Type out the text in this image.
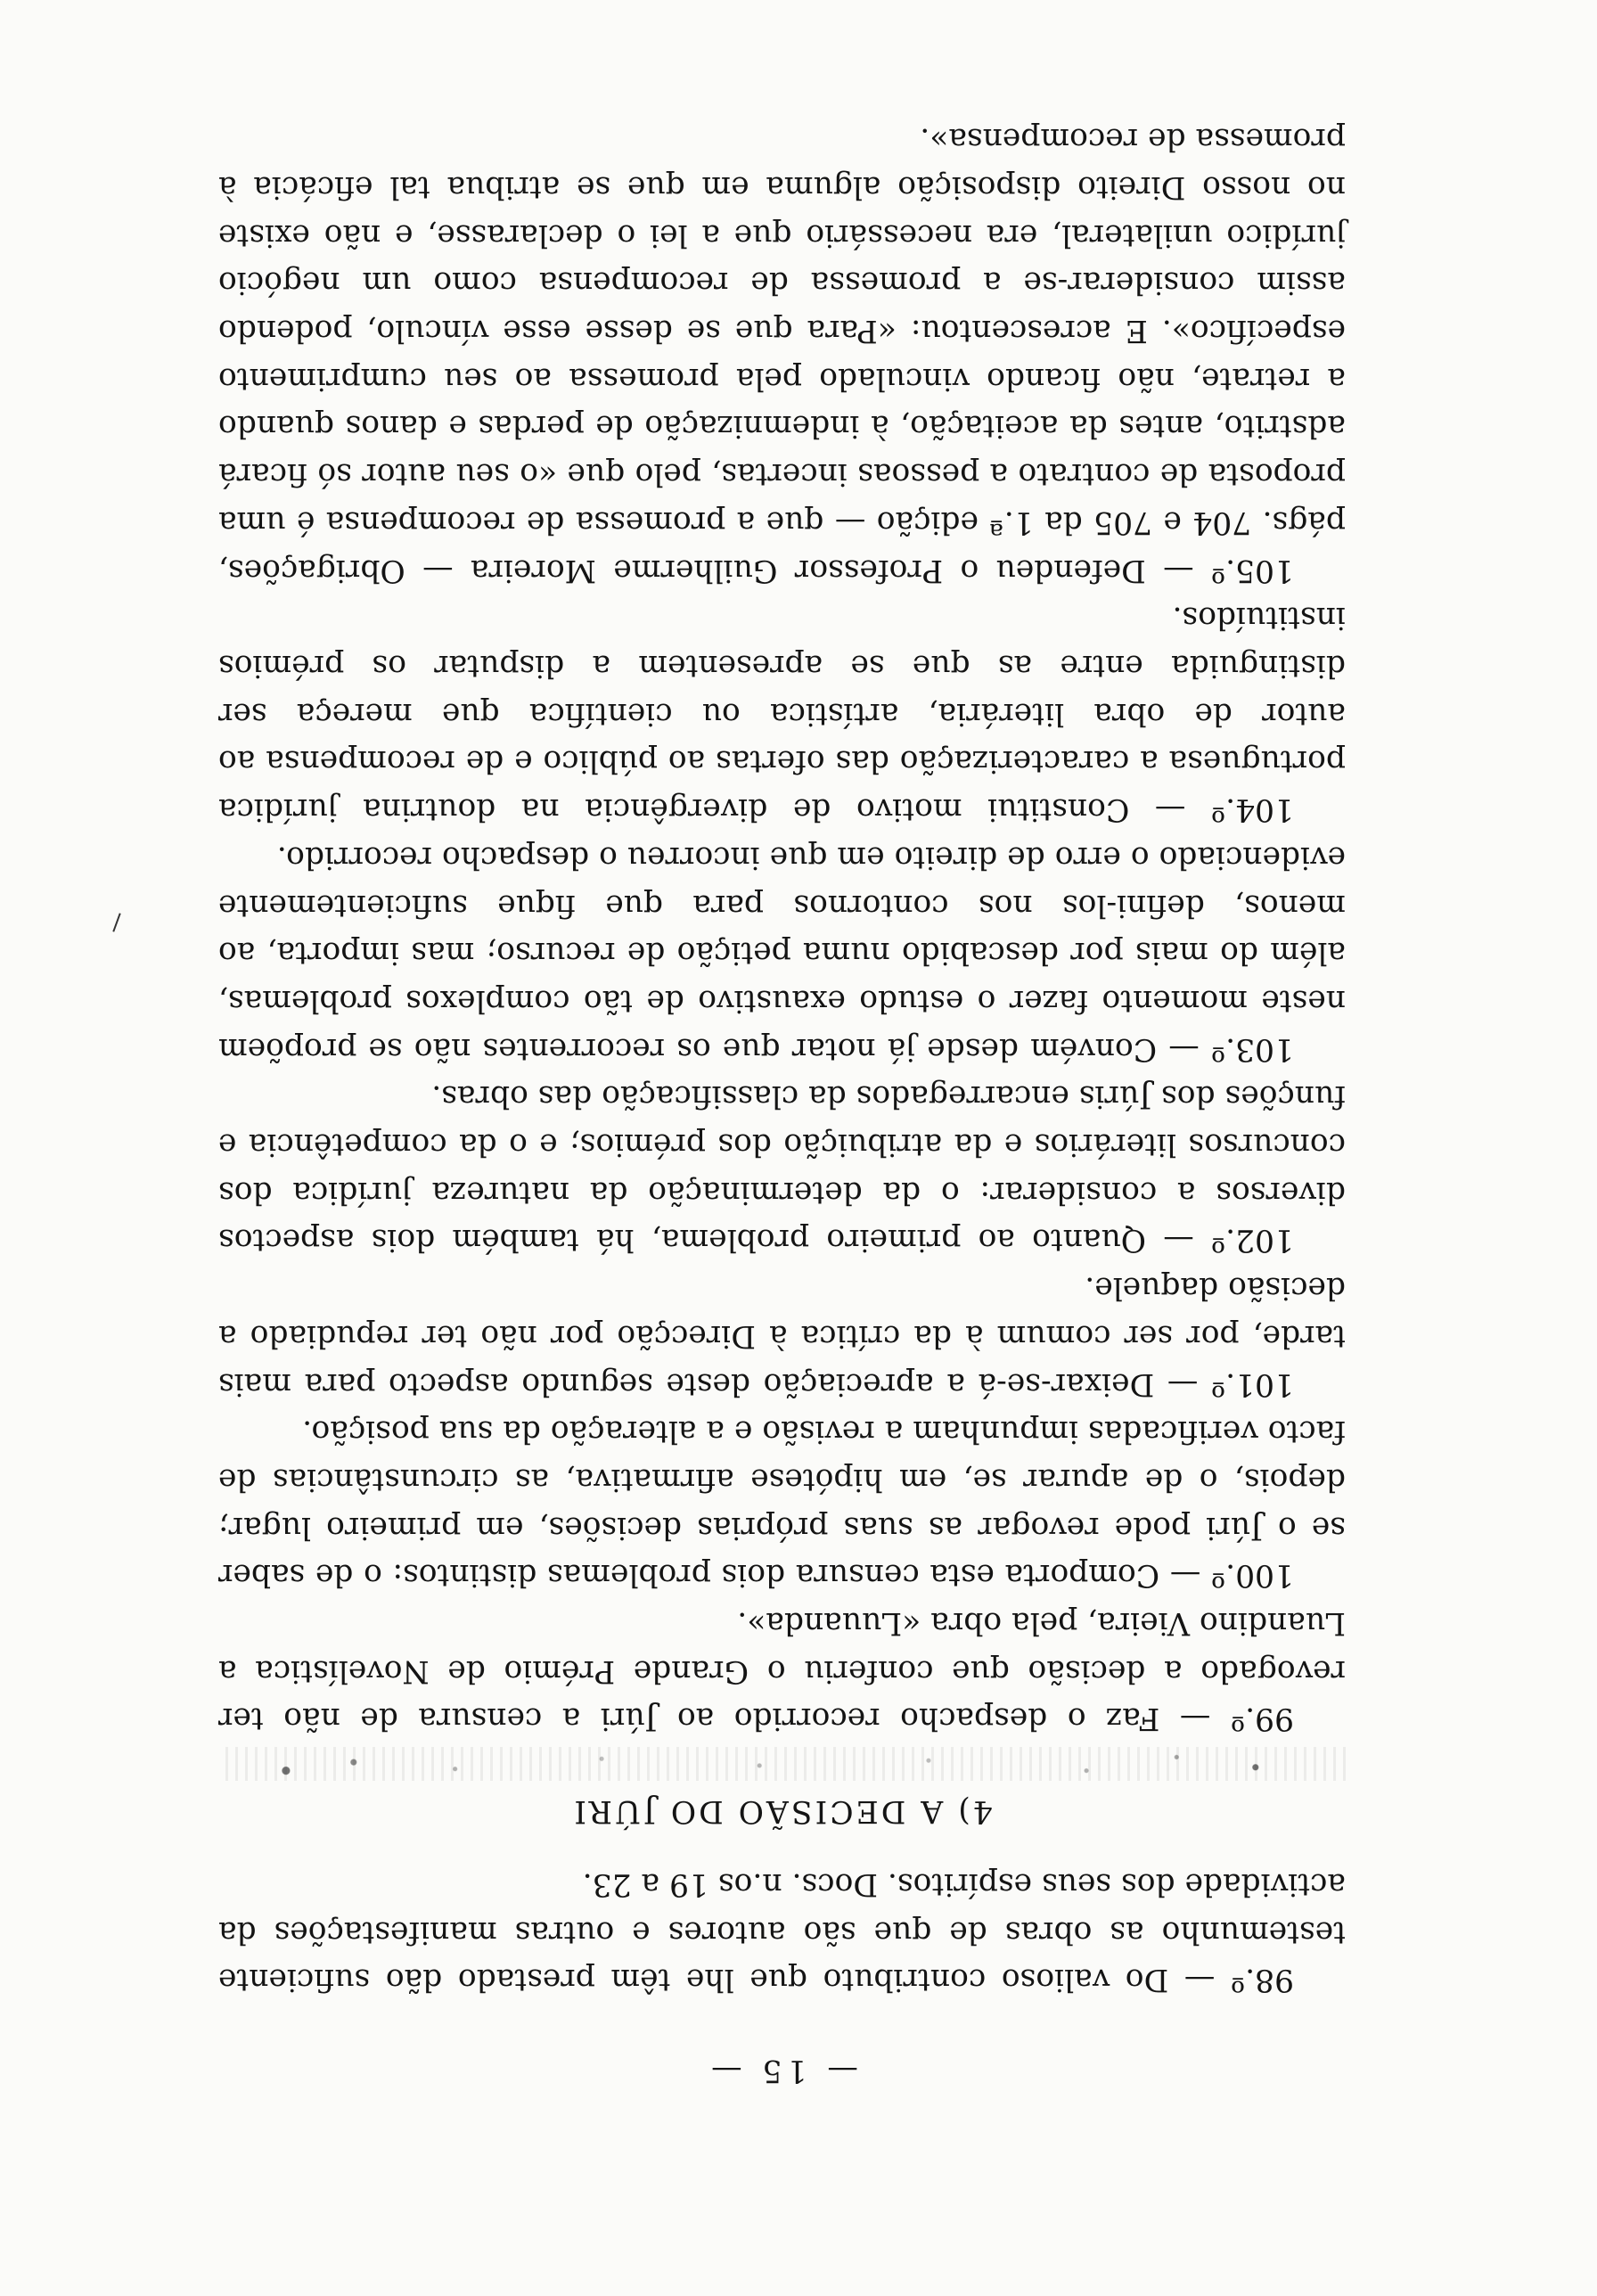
— 15 —

98.º — Do valioso contributo que lhe têm prestado dão suficiente testemunho as obras de que são autores e outras manifestações da actividade dos seus espíritos. Docs. n.os 19 a 23.

4) A DECISÃO DO JÚRI

99.º — Faz o despacho recorrido ao Júri a censura de não ter revogado a decisão que conferiu o Grande Prémio de Novelística a Luandino Vieira, pela obra «Luuanda».

100.º — Comporta esta censura dois problemas distintos: o de saber se o Júri pode revogar as suas próprias decisões, em primeiro lugar; depois, o de apurar se, em hipótese afirmativa, as circunstâncias de facto verificadas impunham a revisão e a alteração da sua posição.

101.º — Deixar-se-á a apreciação deste segundo aspecto para mais tarde, por ser comum à da crítica à Direcção por não ter repudiado a decisão daquele.

102.º — Quanto ao primeiro problema, há também dois aspectos diversos a considerar: o da determinação da natureza jurídica dos concursos literários e da atribuição dos prémios; e o da competência e funções dos Júris encarregados da classificação das obras.

103.º — Convém desde já notar que os recorrentes não se propõem neste momento fazer o estudo exaustivo de tão complexos problemas, além do mais por descabido numa petição de recurso; mas importa, ao menos, defini-los nos contornos para que fique suficientemente evidenciado o erro de direito em que incorreu o despacho recorrido.

104.º — Constitui motivo de divergência na doutrina jurídica portuguesa a caracterização das ofertas ao público e de recompensa ao autor de obra literária, artística ou científica que mereça ser distinguida entre as que se apresentem a disputar os prémios instituídos.

105.º — Defendeu o Professor Guilherme Moreira — Obrigações, págs. 704 e 705 da 1.ª edição — que a promessa de recompensa é uma proposta de contrato a pessoas incertas, pelo que «o seu autor só ficará adstrito, antes da aceitação, à indemnização de perdas e danos quando a retrate, não ficando vinculado pela promessa ao seu cumprimento específico». E acrescentou: «Para que se desse esse vínculo, podendo assim considerar-se a promessa de recompensa como um negócio jurídico unilateral, era necessário que a lei o declarasse, e não existe no nosso Direito disposição alguma em que se atribua tal eficácia à promessa de recompensa».
